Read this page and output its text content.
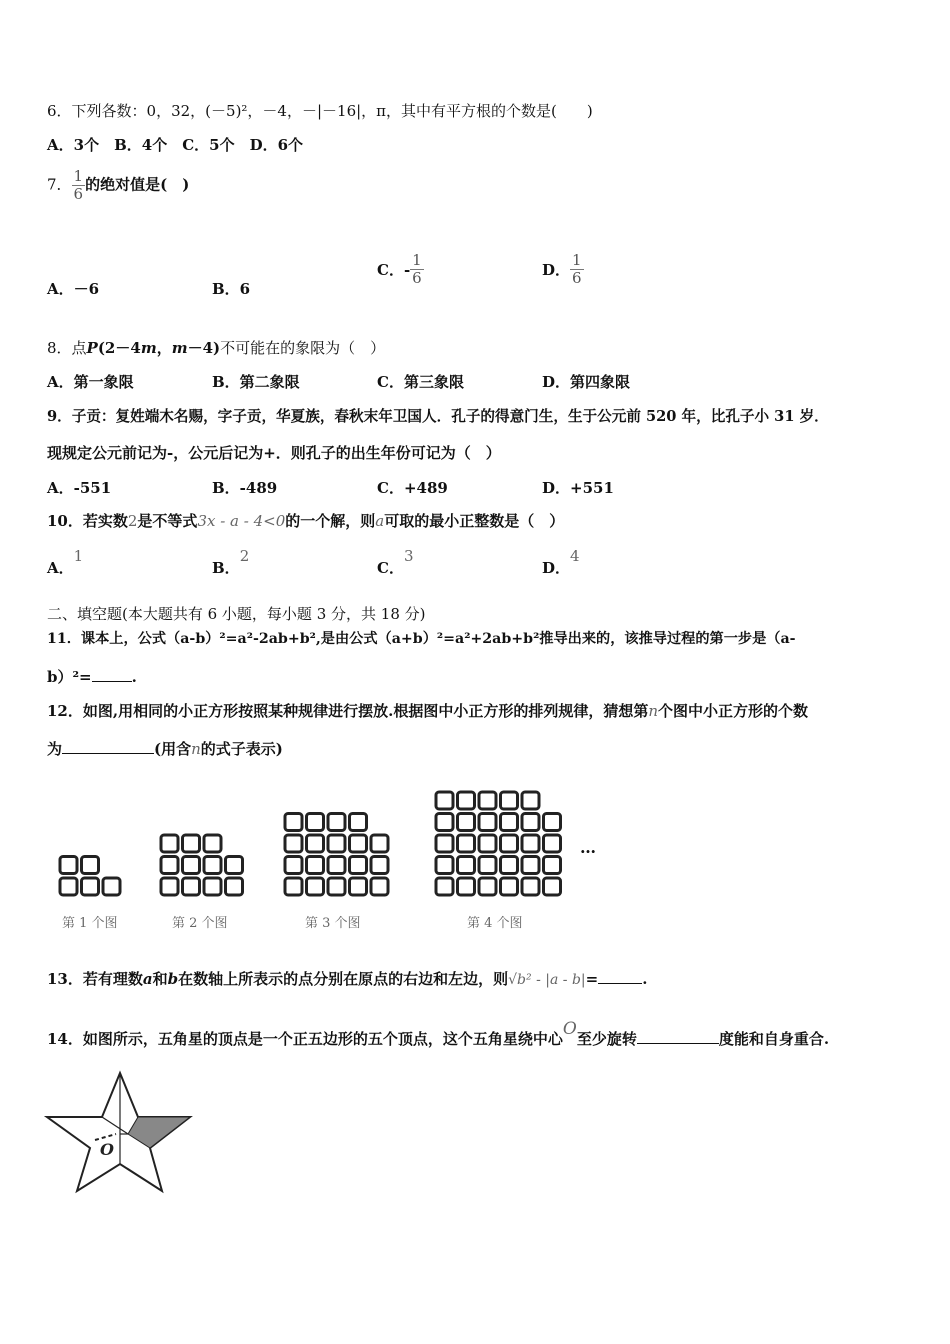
6．下列各数：0，32，(－5)²，－4，－|－16|，π，其中有平方根的个数是(　　)
A．3个　B．4个　C．5个　D．6个
7． $\frac{1}{6}$ 的绝对值是(　)
A．－6	B．6
C．- $\frac{1}{6}$	D． $\frac{1}{6}$
8．点P(2－4m，m－4)不可能在的象限为（　）
A．第一象限	B．第二象限	C．第三象限	D．第四象限
9．子贡：复姓端木名赐，字子贡，华夏族，春秋末年卫国人．孔子的得意门生，生于公元前 520 年，比孔子小 31 岁．
现规定公元前记为-，公元后记为+．则孔子的出生年份可记为（　）
A．-551	B．-489	C．+489	D．+551
10．若实数2是不等式3x - a - 4<0的一个解，则a可取的最小正整数是（　）
A．1
B．2
C．3
D．4
二、填空题(本大题共有 6 小题，每小题 3 分，共 18 分)
11．课本上，公式（a-b）²=a²-2ab+b²,是由公式（a+b）²=a²+2ab+b²推导出来的，该推导过程的第一步是（a-
b）²=	.
12．如图,用相同的小正方形按照某种规律进行摆放.根据图中小正方形的排列规律，猜想第n个图中小正方形的个数
为	(用含n的式子表示)
第 1 个图	第 2 个图	第 3 个图	第 4 个图
…
13．若有理数a和b在数轴上所表示的点分别在原点的右边和左边，则√b² - |a - b|=	.
14．如图所示，五角星的顶点是一个正五边形的五个顶点，这个五角星绕中心O至少旋转	度能和自身重合.
O
